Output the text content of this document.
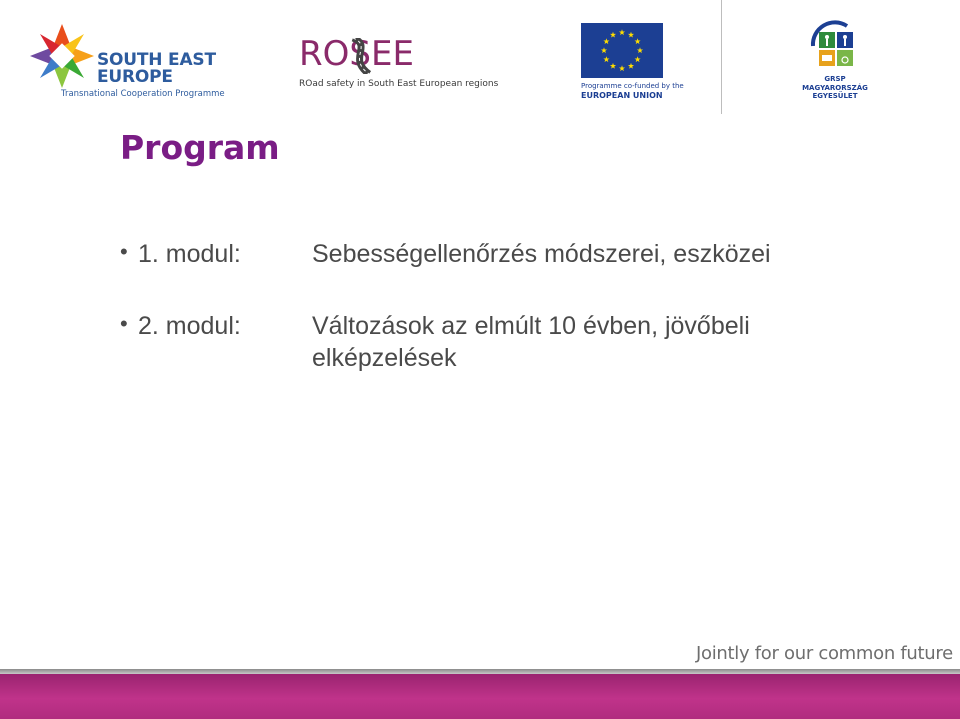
SOUTH EAST
EUROPE
Transnational Cooperation Programme
ROSEE
ROad safety in South East European regions	Programme co-funded by the
EUROPEAN UNION
GRSP
MAGYARORSZÁG
EGYESÜLET
Program
• 1. modul:	Sebességellenőrzés módszerei, eszközei
• 2. modul:	Változások az elmúlt 10 évben, jövőbeli elképzelések
Jointly for our common future
